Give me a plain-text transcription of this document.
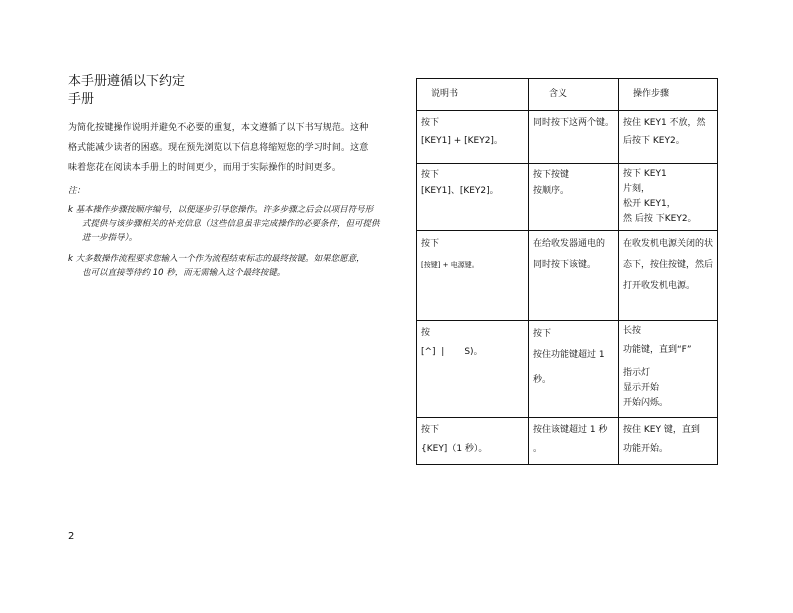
本手册遵循以下约定
手册
为简化按键操作说明并避免不必要的重复，本文遵循了以下书写规范。这种
格式能减少读者的困惑。现在预先浏览以下信息将缩短您的学习时间。这意
味着您花在阅读本手册上的时间更少，而用于实际操作的时间更多。
注：
k 基本操作步骤按顺序编号，以便逐步引导您操作。许多步骤之后会以项目符号形
式提供与该步骤相关的补充信息（这些信息虽非完成操作的必要条件，但可提供
进一步指导）。
k 大多数操作流程要求您输入一个作为流程结束标志的最终按键。如果您愿意，
也可以直接等待约 10 秒，而无需输入这个最终按键。
2
说明书	含义	操作步骤

按下
[KEY1] + [KEY2]。	同时按下这两个键。	按住 KEY1 不放，然
后按下 KEY2。

按下
[KEY1]、[KEY2]。	按下按键
按顺序。	按下 KEY1
片刻，
松开 KEY1，
然 后按 下KEY2。

按下
[按键] + 电源键。	在给收发器通电的
同时按下该键。	在收发机电源关闭的状
态下，按住按键，然后
打开收发机电源。

按
[^]  |       S)。	按下
按住功能键超过 1
秒。	长按
功能键，直到“F”
指示灯
显示开始
开始闪烁。

按下
{KEY]（1 秒）。	按住该键超过 1 秒
。	按住 KEY 键，直到
功能开始。
